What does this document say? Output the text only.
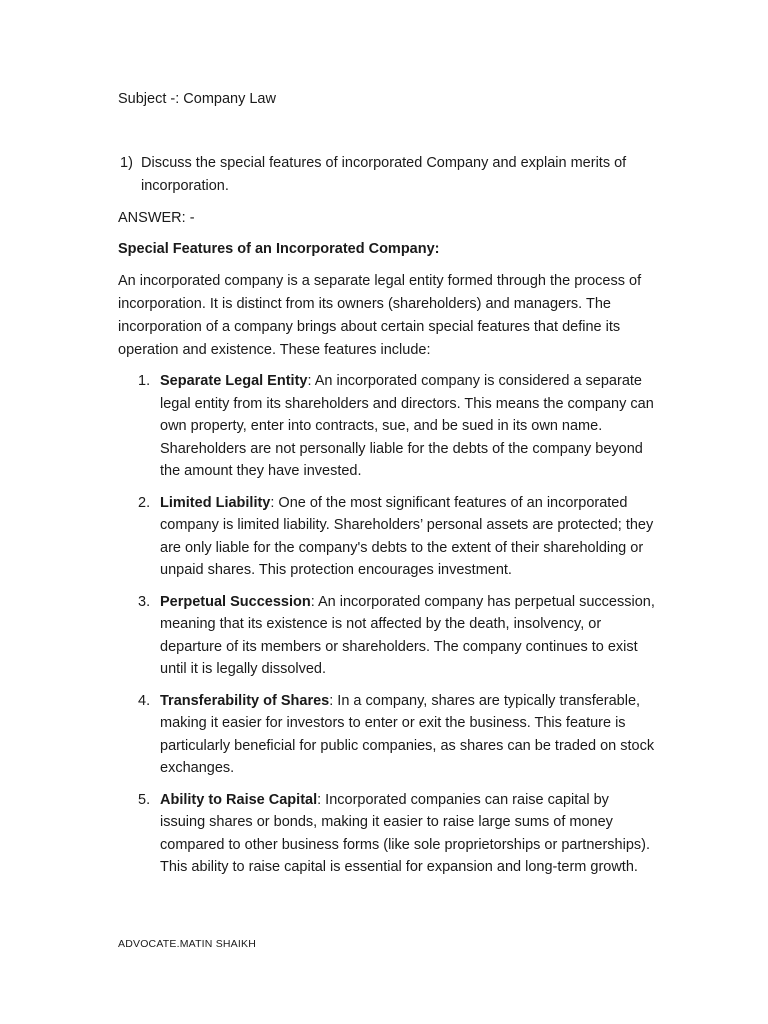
Subject -: Company Law
1) Discuss the special features of incorporated Company and explain merits of incorporation.
ANSWER: -
Special Features of an Incorporated Company:
An incorporated company is a separate legal entity formed through the process of incorporation. It is distinct from its owners (shareholders) and managers. The incorporation of a company brings about certain special features that define its operation and existence. These features include:
1. Separate Legal Entity: An incorporated company is considered a separate legal entity from its shareholders and directors. This means the company can own property, enter into contracts, sue, and be sued in its own name. Shareholders are not personally liable for the debts of the company beyond the amount they have invested.
2. Limited Liability: One of the most significant features of an incorporated company is limited liability. Shareholders’ personal assets are protected; they are only liable for the company's debts to the extent of their shareholding or unpaid shares. This protection encourages investment.
3. Perpetual Succession: An incorporated company has perpetual succession, meaning that its existence is not affected by the death, insolvency, or departure of its members or shareholders. The company continues to exist until it is legally dissolved.
4. Transferability of Shares: In a company, shares are typically transferable, making it easier for investors to enter or exit the business. This feature is particularly beneficial for public companies, as shares can be traded on stock exchanges.
5. Ability to Raise Capital: Incorporated companies can raise capital by issuing shares or bonds, making it easier to raise large sums of money compared to other business forms (like sole proprietorships or partnerships). This ability to raise capital is essential for expansion and long-term growth.
ADVOCATE.MATIN SHAIKH
